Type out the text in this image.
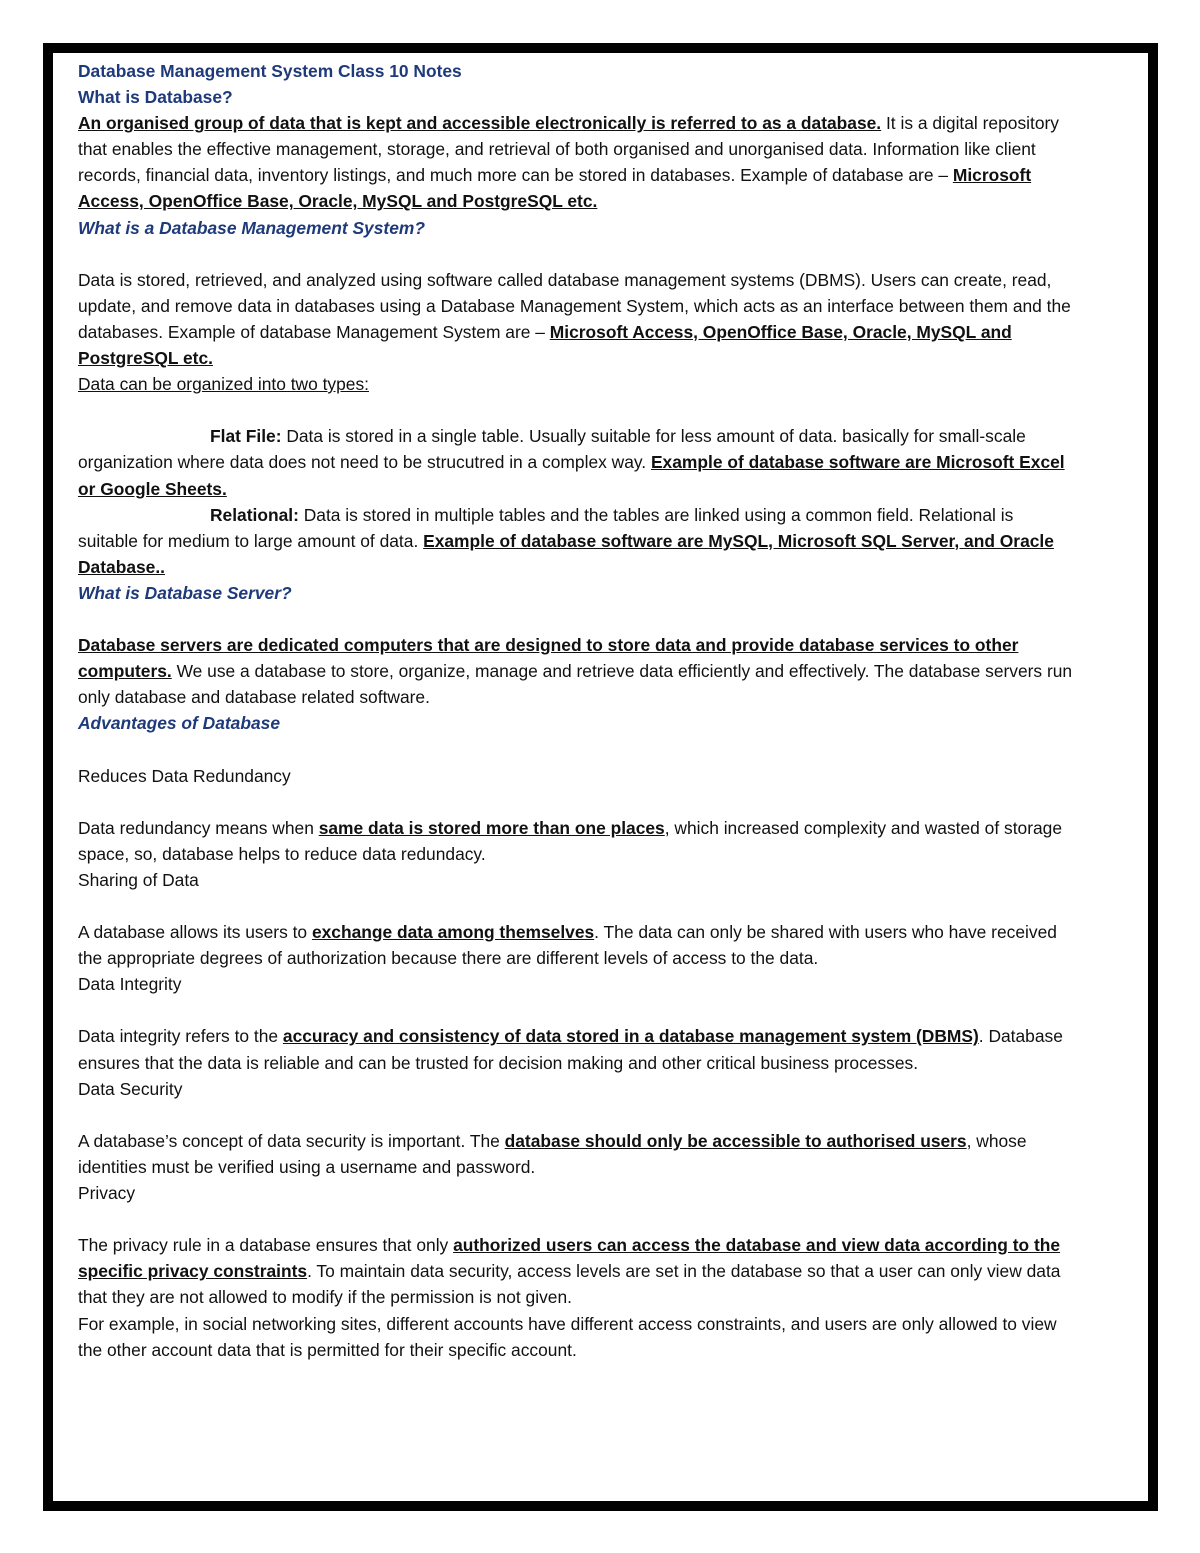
Database Management System Class 10 Notes

What is Database?

An organised group of data that is kept and accessible electronically is referred to as a database. It is a digital repository that enables the effective management, storage, and retrieval of both organised and unorganised data. Information like client records, financial data, inventory listings, and much more can be stored in databases. Example of database are – Microsoft Access, OpenOffice Base, Oracle, MySQL and PostgreSQL etc.

What is a Database Management System?

Data is stored, retrieved, and analyzed using software called database management systems (DBMS). Users can create, read, update, and remove data in databases using a Database Management System, which acts as an interface between them and the databases. Example of database Management System are – Microsoft Access, OpenOffice Base, Oracle, MySQL and PostgreSQL etc.

Data can be organized into two types:

Flat File: Data is stored in a single table. Usually suitable for less amount of data. basically for small-scale organization where data does not need to be strucutred in a complex way. Example of database software are Microsoft Excel or Google Sheets.

Relational: Data is stored in multiple tables and the tables are linked using a common field. Relational is suitable for medium to large amount of data. Example of database software are MySQL, Microsoft SQL Server, and Oracle Database..

What is Database Server?

Database servers are dedicated computers that are designed to store data and provide database services to other computers. We use a database to store, organize, manage and retrieve data efficiently and effectively. The database servers run only database and database related software.

Advantages of Database

Reduces Data Redundancy

Data redundancy means when same data is stored more than one places, which increased complexity and wasted of storage space, so, database helps to reduce data redundacy.

Sharing of Data

A database allows its users to exchange data among themselves. The data can only be shared with users who have received the appropriate degrees of authorization because there are different levels of access to the data.

Data Integrity

Data integrity refers to the accuracy and consistency of data stored in a database management system (DBMS). Database ensures that the data is reliable and can be trusted for decision making and other critical business processes.

Data Security

A database’s concept of data security is important. The database should only be accessible to authorised users, whose identities must be verified using a username and password.

Privacy

The privacy rule in a database ensures that only authorized users can access the database and view data according to the specific privacy constraints. To maintain data security, access levels are set in the database so that a user can only view data that they are not allowed to modify if the permission is not given.

For example, in social networking sites, different accounts have different access constraints, and users are only allowed to view the other account data that is permitted for their specific account.
